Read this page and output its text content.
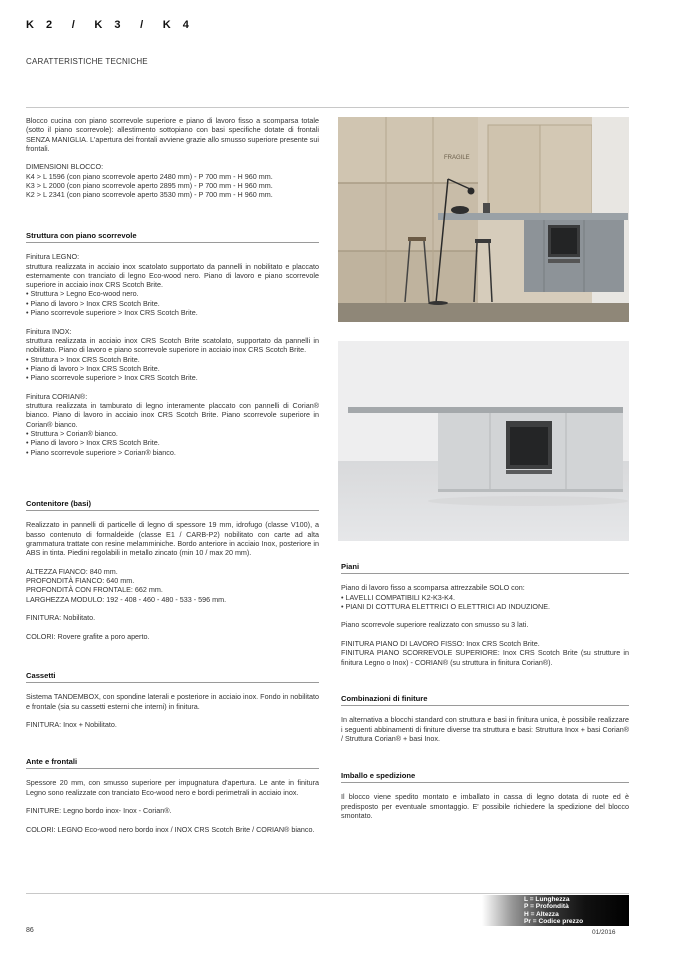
K 2  /  K 3  /  K 4
CARATTERISTICHE TECNICHE

Blocco cucina con piano scorrevole superiore e piano di lavoro fisso a scomparsa totale (sotto il piano scorrevole): allestimento sottopiano con basi specifiche dotate di frontali SENZA MANIGLIA. L'apertura dei frontali avviene grazie allo smusso superiore presente sui frontali.

DIMENSIONI BLOCCO:

K4 > L 1596 (con piano scorrevole aperto 2480 mm) - P 700 mm - H 960 mm.

K3 > L 2000 (con piano scorrevole aperto 2895 mm) - P 700 mm - H 960 mm.

K2 > L 2341 (con piano scorrevole aperto 3530 mm) - P 700 mm - H 960 mm.

Struttura con piano scorrevole

Finitura LEGNO:

struttura realizzata in acciaio inox scatolato supportato da pannelli in nobilitato e placcato esternamente con tranciato di legno Eco-wood nero. Piano di lavoro e piano scorrevole superiore in acciaio inox CRS Scotch Brite.

• Struttura > Legno Eco-wood nero.

• Piano di lavoro > Inox CRS Scotch Brite.

• Piano scorrevole superiore > Inox CRS Scotch Brite.

Finitura INOX:

struttura realizzata in acciaio inox CRS Scotch Brite scatolato, supportato da pannelli in nobilitato. Piano di lavoro e piano scorrevole superiore in acciaio inox CRS Scotch Brite.

• Struttura > Inox CRS Scotch Brite.

• Piano di lavoro > Inox CRS Scotch Brite.

• Piano scorrevole superiore > Inox CRS Scotch Brite.

Finitura CORIAN®:

struttura realizzata in tamburato di legno interamente placcato con pannelli di Corian® bianco. Piano di lavoro in acciaio inox CRS Scotch Brite. Piano scorrevole superiore in Corian® bianco.

• Struttura > Corian® bianco.

• Piano di lavoro > Inox CRS Scotch Brite.

• Piano scorrevole superiore > Corian® bianco.

Contenitore (basi)

Realizzato in pannelli di particelle di legno di spessore 19 mm, idrofugo (classe V100), a basso contenuto di formaldeide (classe E1 / CARB-P2) nobilitato con carte ad alta grammatura trattate con resine melamminiche. Bordo anteriore in acciaio Inox, posteriore in ABS in tinta. Piedini regolabili in metallo zincato (min 10 / max 20 mm).

ALTEZZA FIANCO: 840 mm.

PROFONDITÀ FIANCO: 640 mm.

PROFONDITÀ CON FRONTALE: 662 mm.

LARGHEZZA MODULO: 192 - 408 - 460 - 480 - 533 - 596 mm.

FINITURA: Nobilitato.

COLORI: Rovere grafite a poro aperto.

Cassetti

Sistema TANDEMBOX, con spondine laterali e posteriore in acciaio inox. Fondo in nobilitato e frontale (sia su cassetti esterni che interni) in finitura.

FINITURA: Inox + Nobilitato.

Ante e frontali

Spessore 20 mm, con smusso superiore per impugnatura d'apertura. Le ante in finitura Legno sono realizzate con tranciato Eco-wood nero e bordi perimetrali in acciaio inox.

FINITURE: Legno bordo inox- Inox - Corian®.

COLORI: LEGNO Eco-wood nero bordo inox / INOX CRS Scotch Brite / CORIAN® bianco.

FRAGILE
Piani

Piano di lavoro fisso a scomparsa attrezzabile SOLO con:

• LAVELLI COMPATIBILI K2-K3-K4.

• PIANI DI COTTURA ELETTRICI O ELETTRICI AD INDUZIONE.

Piano scorrevole superiore realizzato con smusso su 3 lati.

FINITURA PIANO DI LAVORO FISSO: Inox CRS Scotch Brite.

FINITURA PIANO SCORREVOLE SUPERIORE: Inox CRS Scotch Brite (su strutture in finitura Legno o Inox) - CORIAN® (su struttura in finitura Corian®).

Combinazioni di finiture

In alternativa a blocchi standard con struttura e basi in finitura unica, è possibile realizzare i seguenti abbinamenti di finiture diverse tra struttura e basi: Struttura Inox + basi Corian® / Struttura Corian® + basi Inox.

Imballo e spedizione

Il blocco viene spedito montato e imballato in cassa di legno dotata di ruote ed è predisposto per eventuale smontaggio. E' possibile richiedere la spedizione del blocco smontato.

L = Lunghezza
P = Profondità
H = Altezza
Pr = Codice prezzo
86	01/2016
